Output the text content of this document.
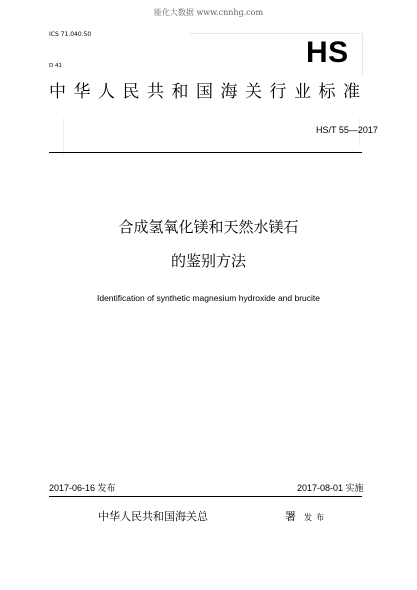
能化大数据 www.cnnhg.com
ICS 71.040.50
D 41	HS
中华人民共和国海关行业标准
HS/T 55—2017
合成氢氧化镁和天然水镁石
的鉴别方法
Identification of synthetic magnesium hydroxide and brucite
2017-06-16 发布	2017-08-01 实施
中华人民共和国海关总	署 发布
